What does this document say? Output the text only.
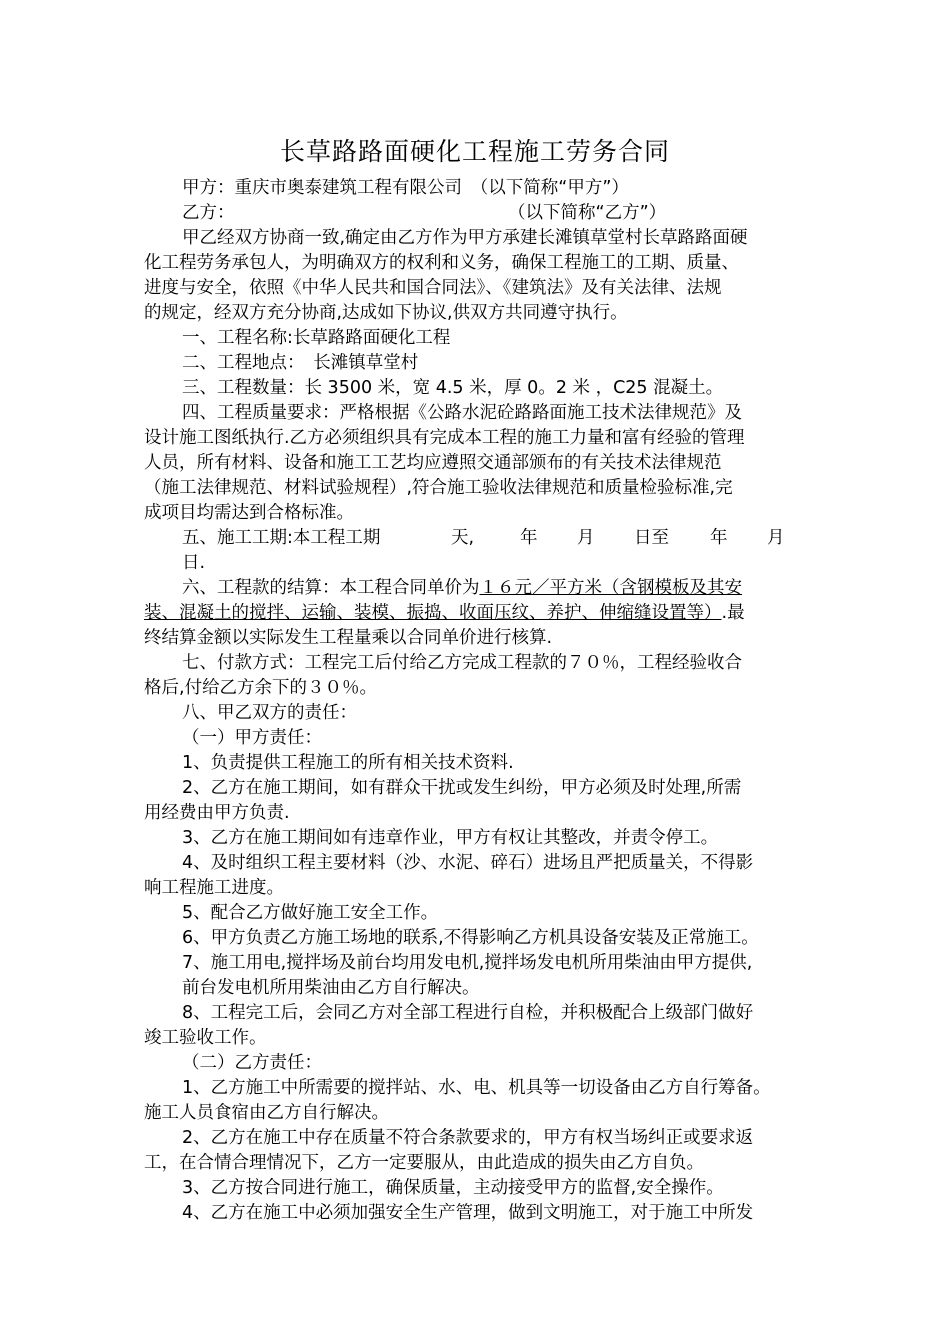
长草路路面硬化工程施工劳务合同
甲方：重庆市奥泰建筑工程有限公司　（以下简称“甲方”）
乙方：	（以下简称“乙方”）
甲乙经双方协商一致,确定由乙方作为甲方承建长滩镇草堂村长草路路面硬
化工程劳务承包人，为明确双方的权利和义务，确保工程施工的工期、质量、
进度与安全，依照《中华人民共和国合同法》、《建筑法》及有关法律、法规
的规定，经双方充分协商,达成如下协议,供双方共同遵守执行。
一、工程名称:长草路路面硬化工程
二、工程地点：　长滩镇草堂村
三、工程数量：长 3500 米，宽 4.5 米，厚 0。2 米 ，C25 混凝土。
四、工程质量要求：严格根据《公路水泥砼路路面施工技术法律规范》及
设计施工图纸执行.乙方必须组织具有完成本工程的施工力量和富有经验的管理
人员，所有材料、设备和施工工艺均应遵照交通部颁布的有关技术法律规范
（施工法律规范、材料试验规程）,符合施工验收法律规范和质量检验标准,完
成项目均需达到合格标准。
五、施工工期:本工程工期	天,	年 月 日至 年 月
日.
六、工程款的结算：本工程合同单价为１６元／平方米（含钢模板及其安
装、混凝土的搅拌、运输、装模、振捣、收面压纹、养护、伸缩缝设置等）.最
终结算金额以实际发生工程量乘以合同单价进行核算.
七、付款方式：工程完工后付给乙方完成工程款的７０％，工程经验收合
格后,付给乙方余下的３０％。
八、甲乙双方的责任：
（一）甲方责任：
1、负责提供工程施工的所有相关技术资料.
2、乙方在施工期间，如有群众干扰或发生纠纷，甲方必须及时处理,所需
用经费由甲方负责.
3、乙方在施工期间如有违章作业，甲方有权让其整改，并责令停工。
4、及时组织工程主要材料（沙、水泥、碎石）进场且严把质量关，不得影
响工程施工进度。
5、配合乙方做好施工安全工作。
6、甲方负责乙方施工场地的联系,不得影响乙方机具设备安装及正常施工。
7、施工用电,搅拌场及前台均用发电机,搅拌场发电机所用柴油由甲方提供,
前台发电机所用柴油由乙方自行解决。
8、工程完工后，会同乙方对全部工程进行自检，并积极配合上级部门做好
竣工验收工作。
（二）乙方责任：
1、乙方施工中所需要的搅拌站、水、电、机具等一切设备由乙方自行筹备。
施工人员食宿由乙方自行解决。
2、乙方在施工中存在质量不符合条款要求的，甲方有权当场纠正或要求返
工，在合情合理情况下，乙方一定要服从，由此造成的损失由乙方自负。
3、乙方按合同进行施工，确保质量，主动接受甲方的监督,安全操作。
4、乙方在施工中必须加强安全生产管理，做到文明施工，对于施工中所发
